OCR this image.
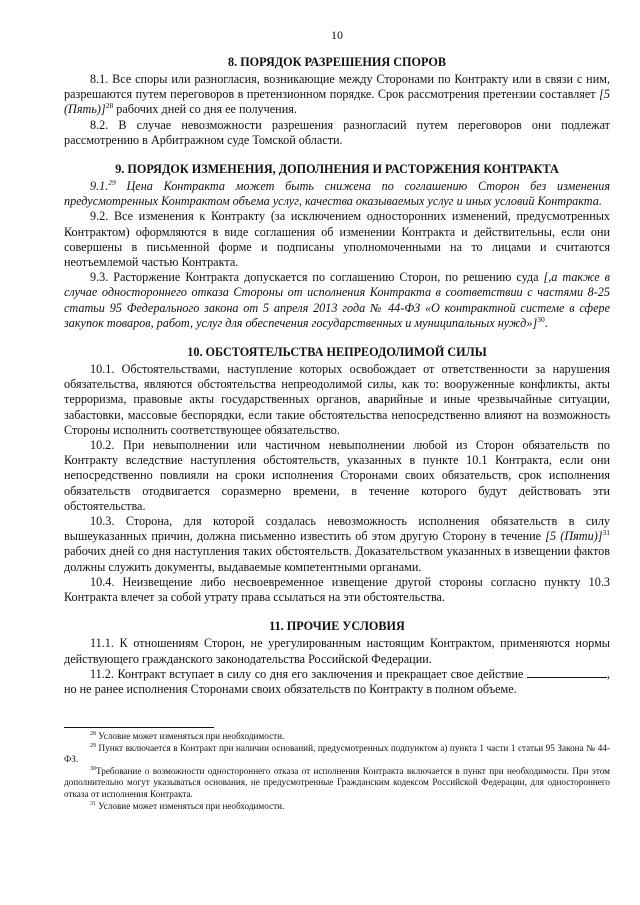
10
8. ПОРЯДОК РАЗРЕШЕНИЯ СПОРОВ

8.1. Все споры или разногласия, возникающие между Сторонами по Контракту или в связи с ним, разрешаются путем переговоров в претензионном порядке. Срок рассмотрения претензии составляет [5 (Пять)]$^{28}$ рабочих дней со дня ее получения.

8.2. В случае невозможности разрешения разногласий путем переговоров они подлежат рассмотрению в Арбитражном суде Томской области.

9. ПОРЯДОК ИЗМЕНЕНИЯ, ДОПОЛНЕНИЯ И РАСТОРЖЕНИЯ КОНТРАКТА

9.1.29 Цена Контракта может быть снижена по соглашению Сторон без изменения предусмотренных Контрактом объема услуг, качества оказываемых услуг и иных условий Контракта.

9.2. Все изменения к Контракту (за исключением односторонних изменений, предусмотренных Контрактом) оформляются в виде соглашения об изменении Контракта и действительны, если они совершены в письменной форме и подписаны уполномоченными на то лицами и считаются неотъемлемой частью Контракта.

9.3. Расторжение Контракта допускается по соглашению Сторон, по решению суда [,а также в случае одностороннего отказа Стороны от исполнения Контракта в соответствии с частями 8-25 статьи 95 Федерального закона от 5 апреля 2013 года № 44-ФЗ «О контрактной системе в сфере закупок товаров, работ, услуг для обеспечения государственных и муниципальных нужд»]$^{30}$.

10. ОБСТОЯТЕЛЬСТВА НЕПРЕОДОЛИМОЙ СИЛЫ

10.1. Обстоятельствами, наступление которых освобождает от ответственности за нарушения обязательства, являются обстоятельства непреодолимой силы, как то: вооруженные конфликты, акты терроризма, правовые акты государственных органов, аварийные и иные чрезвычайные ситуации, забастовки, массовые беспорядки, если такие обстоятельства непосредственно влияют на возможность Стороны исполнить соответствующее обязательство.

10.2. При невыполнении или частичном невыполнении любой из Сторон обязательств по Контракту вследствие наступления обстоятельств, указанных в пункте 10.1 Контракта, если они непосредственно повлияли на сроки исполнения Сторонами своих обязательств, срок исполнения обязательств отодвигается соразмерно времени, в течение которого будут действовать эти обстоятельства.

10.3. Сторона, для которой создалась невозможность исполнения обязательств в силу вышеуказанных причин, должна письменно известить об этом другую Сторону в течение [5 (Пяти)]$^{31}$ рабочих дней со дня наступления таких обстоятельств. Доказательством указанных в извещении фактов должны служить документы, выдаваемые компетентными органами.

10.4. Неизвещение либо несвоевременное извещение другой стороны согласно пункту 10.3 Контракта влечет за собой утрату права ссылаться на эти обстоятельства.

11. ПРОЧИЕ УСЛОВИЯ

11.1. К отношениям Сторон, не урегулированным настоящим Контрактом, применяются нормы действующего гражданского законодательства Российской Федерации.

11.2. Контракт вступает в силу со дня его заключения и прекращает свое действие	, но не ранее исполнения Сторонами своих обязательств по Контракту в полном объеме.

$^{28}$ Условие может изменяться при необходимости.

$^{29}$ Пункт включается в Контракт при наличии оснований, предусмотренных подпунктом а) пункта 1 части 1 статьи 95 Закона № 44-ФЗ.

$^{30}$Требование о возможности одностороннего отказа от исполнения Контракта включается в пункт при необходимости. При этом дополнительно могут указываться основания, не предусмотренные Гражданским кодексом Российской Федерации, для одностороннего отказа от исполнения Контракта.

$^{31}$ Условие может изменяться при необходимости.
